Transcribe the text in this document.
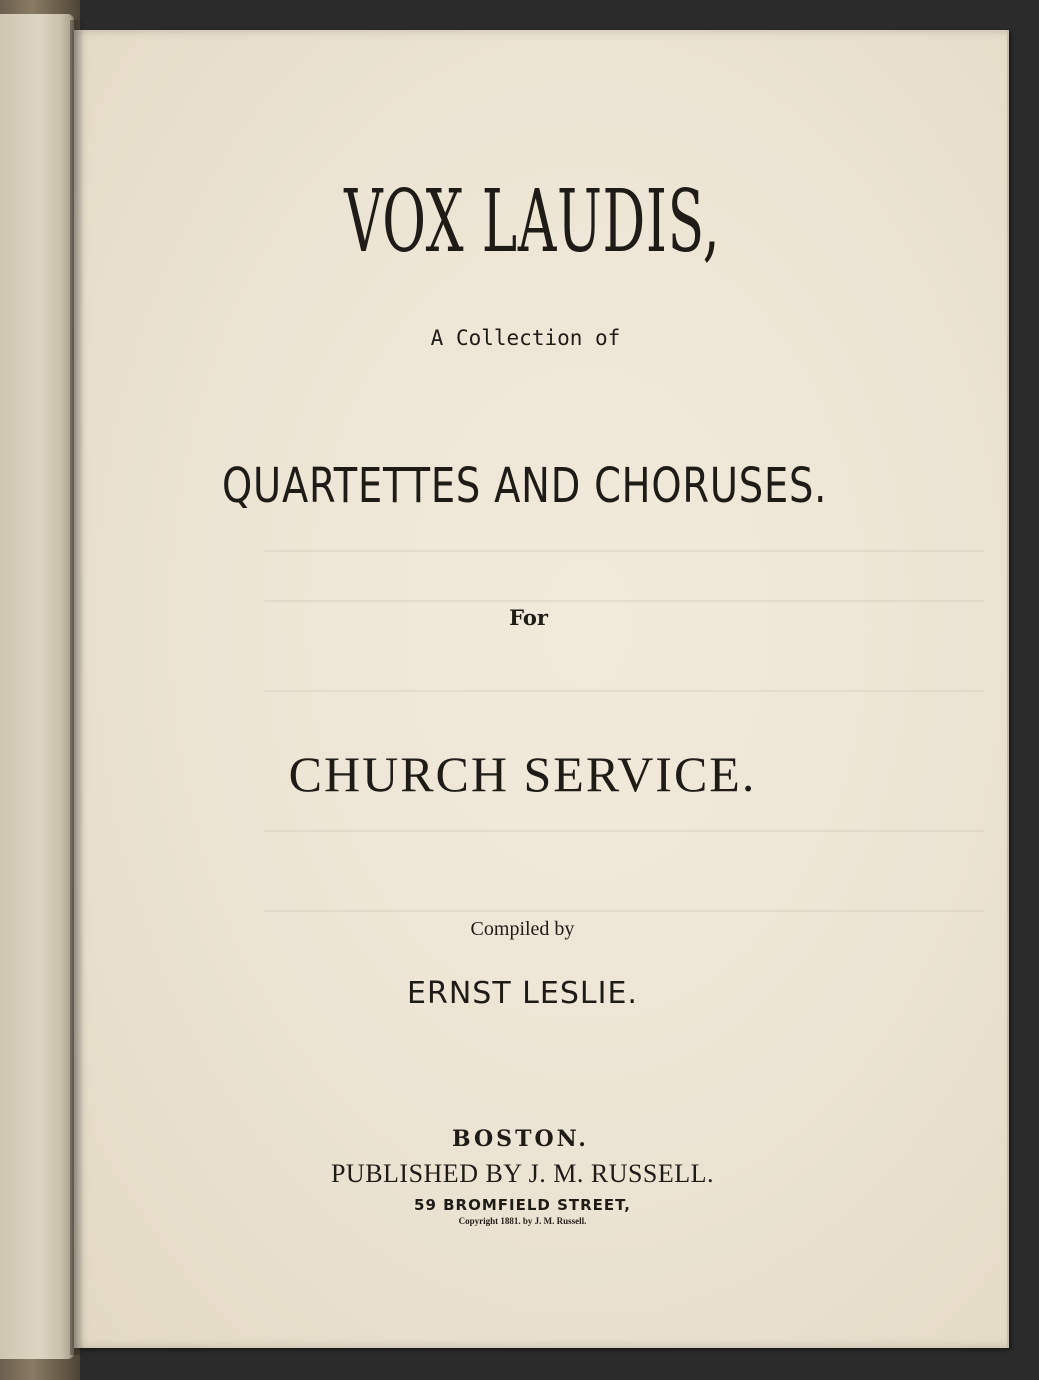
VOX LAUDIS,
A Collection of
QUARTETTES AND CHORUSES.
For
CHURCH SERVICE.
Compiled by
ERNST LESLIE.
BOSTON.
PUBLISHED BY J. M. RUSSELL.
59 BROMFIELD STREET,
Copyright 1881. by J. M. Russell.
